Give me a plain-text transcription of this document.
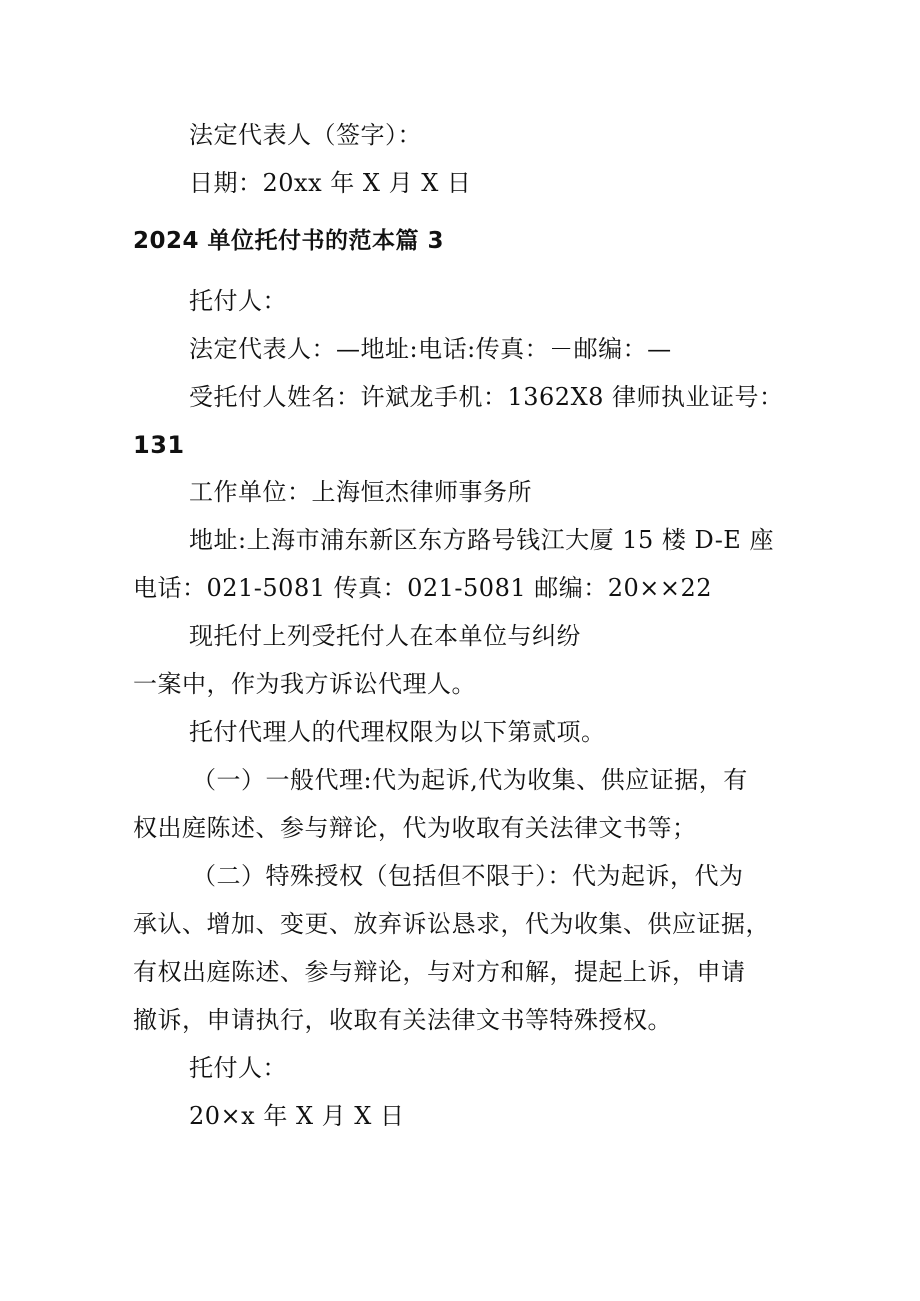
法定代表人（签字）：
日期：20xx 年 X 月 X 日
2024 单位托付书的范本篇 3
托付人：
法定代表人：—地址:电话:传真：－邮编：—
受托付人姓名：许斌龙手机：1362X8 律师执业证号：
131
工作单位：上海恒杰律师事务所
地址:上海市浦东新区东方路号钱江大厦 15 楼 D-E 座
电话：021-5081 传真：021-5081 邮编：20××22
现托付上列受托付人在本单位与纠纷
一案中，作为我方诉讼代理人。
托付代理人的代理权限为以下第贰项。
（一）一般代理:代为起诉,代为收集、供应证据，有
权出庭陈述、参与辩论，代为收取有关法律文书等；
（二）特殊授权（包括但不限于）：代为起诉，代为
承认、增加、变更、放弃诉讼恳求，代为收集、供应证据，
有权出庭陈述、参与辩论，与对方和解，提起上诉，申请
撤诉，申请执行，收取有关法律文书等特殊授权。
托付人：
20×x 年 X 月 X 日
